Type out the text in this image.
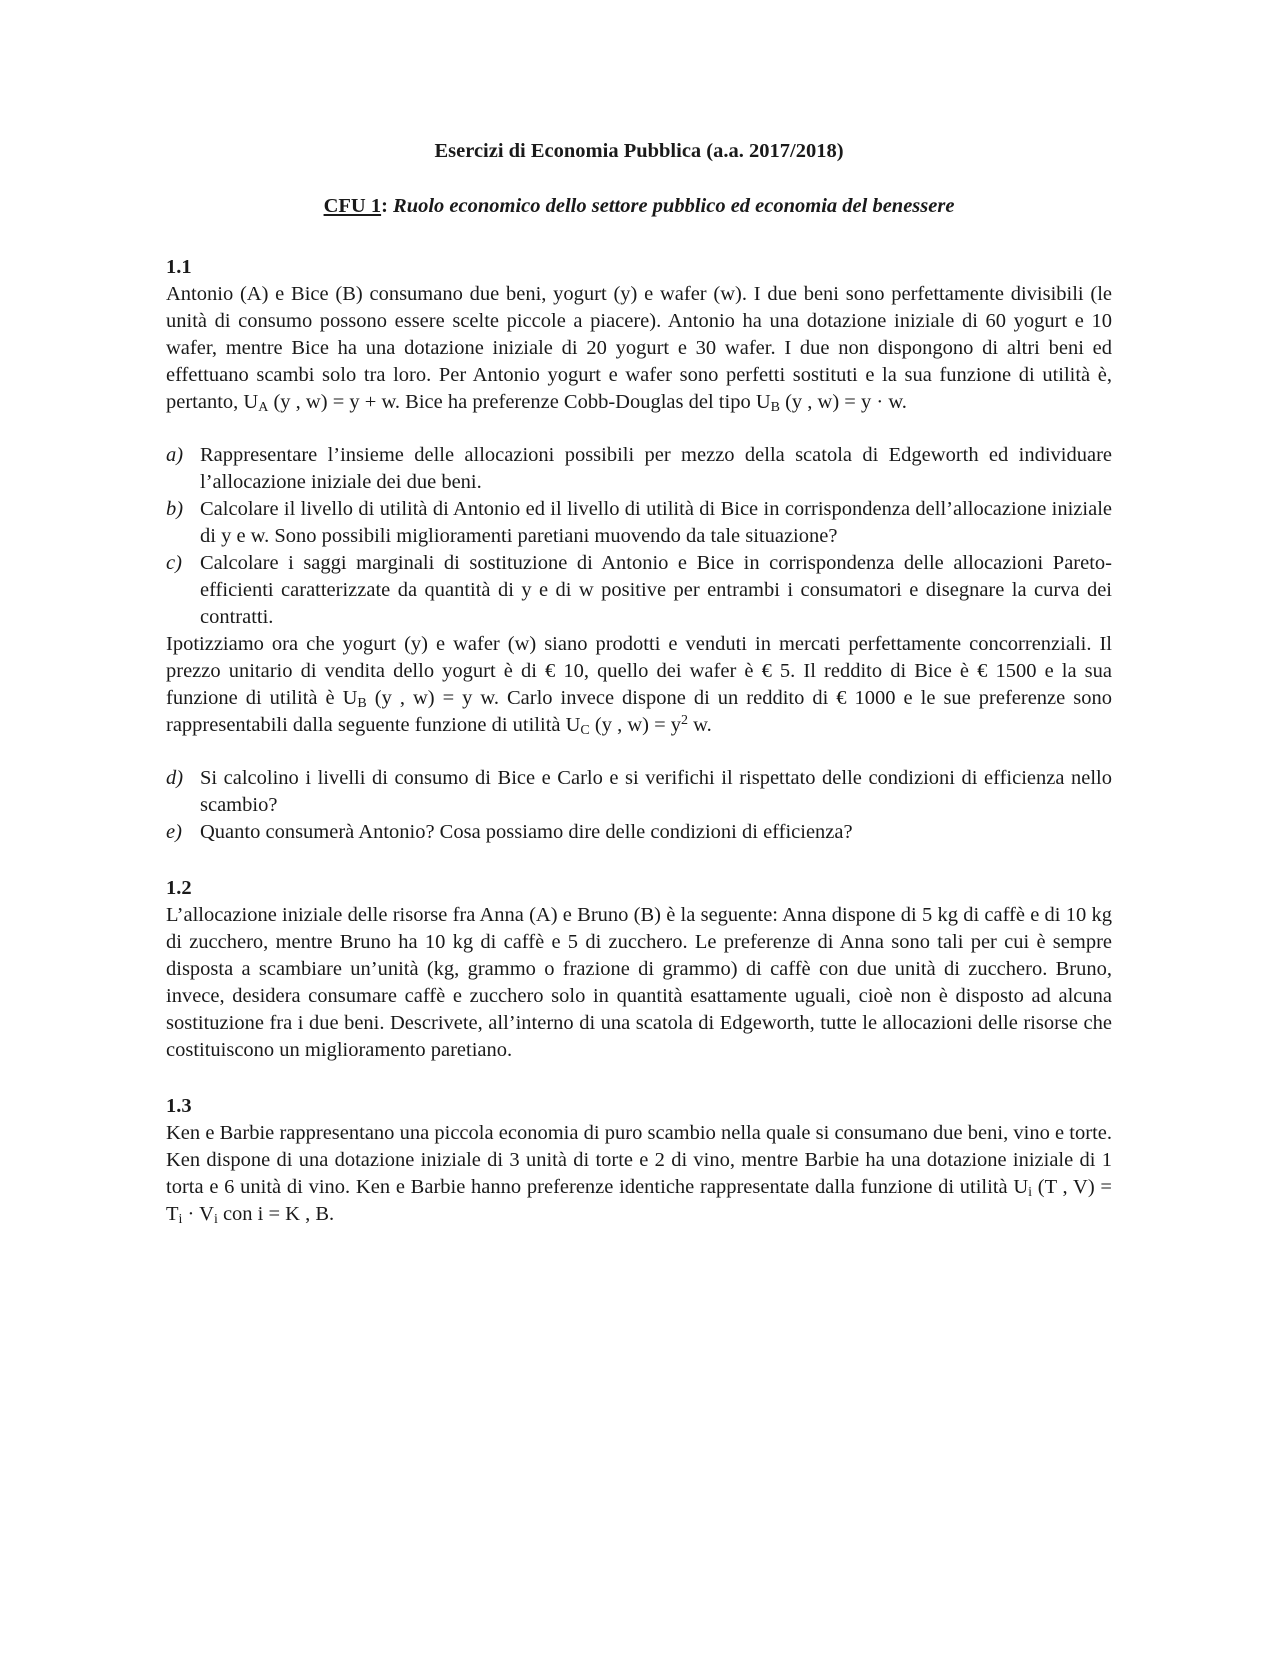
Esercizi di Economia Pubblica (a.a. 2017/2018)

CFU 1: Ruolo economico dello settore pubblico ed economia del benessere

1.1

Antonio (A) e Bice (B) consumano due beni, yogurt (y) e wafer (w). I due beni sono perfettamente divisibili (le unità di consumo possono essere scelte piccole a piacere). Antonio ha una dotazione iniziale di 60 yogurt e 10 wafer, mentre Bice ha una dotazione iniziale di 20 yogurt e 30 wafer. I due non dispongono di altri beni ed effettuano scambi solo tra loro. Per Antonio yogurt e wafer sono perfetti sostituti e la sua funzione di utilità è, pertanto, $U_A$ (y , w) = y + w. Bice ha preferenze Cobb-Douglas del tipo $U_B$ (y , w) = y · w.

a) Rappresentare l’insieme delle allocazioni possibili per mezzo della scatola di Edgeworth ed individuare l’allocazione iniziale dei due beni.
b) Calcolare il livello di utilità di Antonio ed il livello di utilità di Bice in corrispondenza dell’allocazione iniziale di y e w. Sono possibili miglioramenti paretiani muovendo da tale situazione?
c) Calcolare i saggi marginali di sostituzione di Antonio e Bice in corrispondenza delle allocazioni Pareto-efficienti caratterizzate da quantità di y e di w positive per entrambi i consumatori e disegnare la curva dei contratti.

Ipotizziamo ora che yogurt (y) e wafer (w) siano prodotti e venduti in mercati perfettamente concorrenziali. Il prezzo unitario di vendita dello yogurt è di € 10, quello dei wafer è € 5. Il reddito di Bice è € 1500 e la sua funzione di utilità è $U_B$ (y , w) = y w. Carlo invece dispone di un reddito di € 1000 e le sue preferenze sono rappresentabili dalla seguente funzione di utilità $U_C$ (y , $w) = y^2$ w.

d) Si calcolino i livelli di consumo di Bice e Carlo e si verifichi il rispettato delle condizioni di efficienza nello scambio?
e) Quanto consumerà Antonio? Cosa possiamo dire delle condizioni di efficienza?

1.2

L’allocazione iniziale delle risorse fra Anna (A) e Bruno (B) è la seguente: Anna dispone di 5 kg di caffè e di 10 kg di zucchero, mentre Bruno ha 10 kg di caffè e 5 di zucchero. Le preferenze di Anna sono tali per cui è sempre disposta a scambiare un’unità (kg, grammo o frazione di grammo) di caffè con due unità di zucchero. Bruno, invece, desidera consumare caffè e zucchero solo in quantità esattamente uguali, cioè non è disposto ad alcuna sostituzione fra i due beni. Descrivete, all’interno di una scatola di Edgeworth, tutte le allocazioni delle risorse che costituiscono un miglioramento paretiano.

1.3

Ken e Barbie rappresentano una piccola economia di puro scambio nella quale si consumano due beni, vino e torte. Ken dispone di una dotazione iniziale di 3 unità di torte e 2 di vino, mentre Barbie ha una dotazione iniziale di 1 torta e 6 unità di vino. Ken e Barbie hanno preferenze identiche rappresentate dalla funzione di utilità $U_i$ (T , $V) = T_i \cdot V_i$ con i = K , B.
